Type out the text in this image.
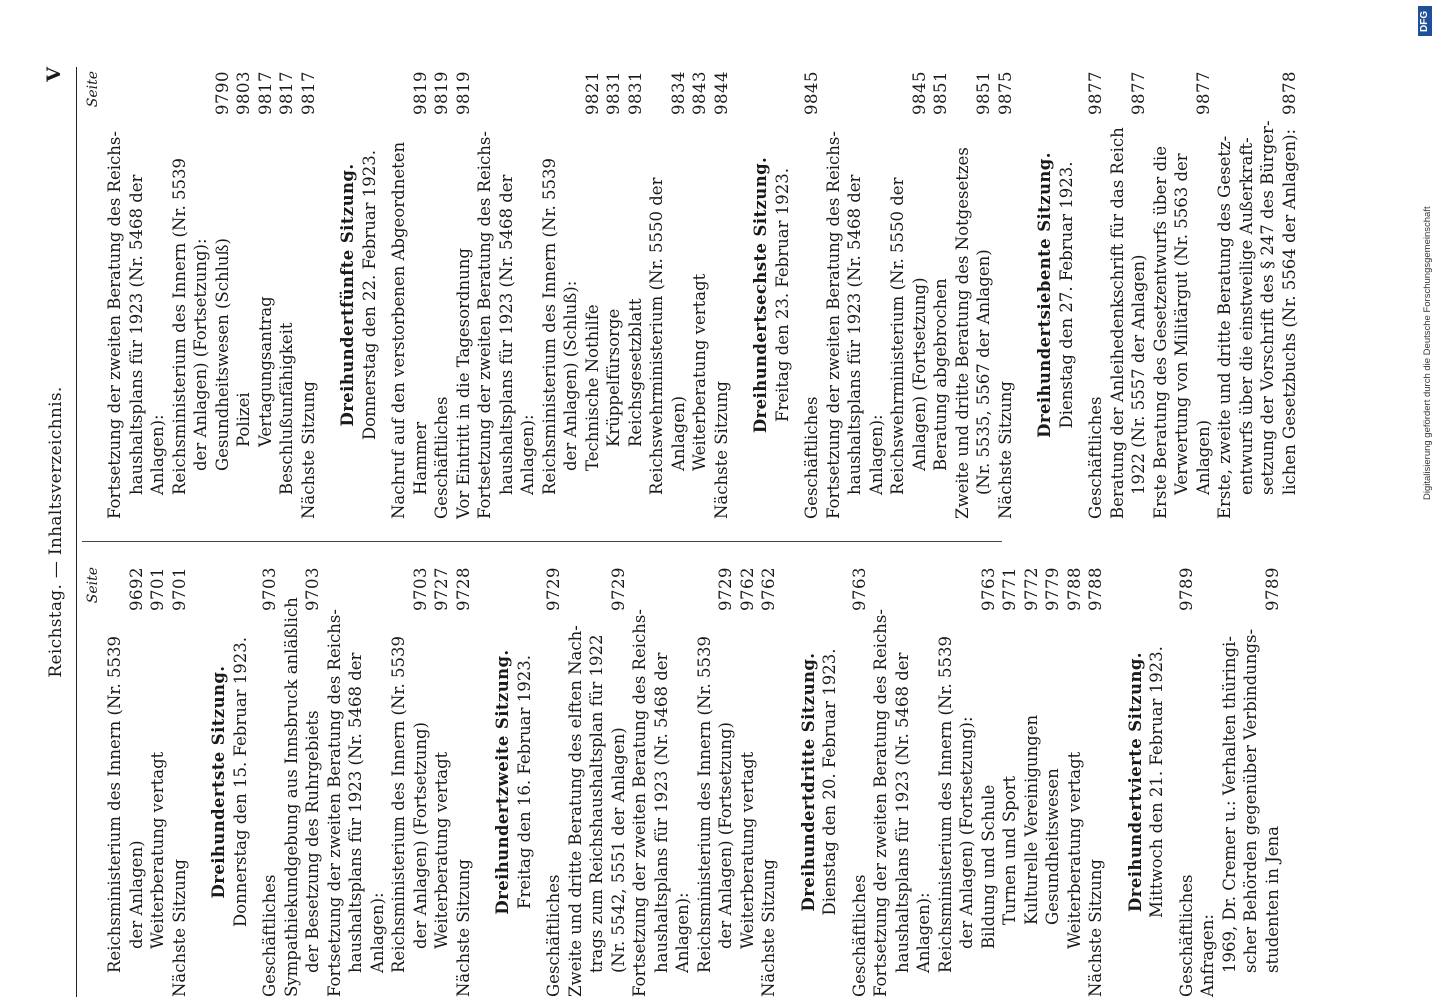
Reichstag. — Inhaltsverzeichnis.
V
Seite
Reichsministerium des Innern (Nr. 5539 der Anlagen)
9692
Weiterberatung vertagt
9701
Nächste Sitzung
9701
Dreihundertste Sitzung. Donnerstag den 15. Februar 1923.
Geschäftliches
9703
Sympathiekundgebung aus Innsbruck anläßlich der Besetzung des Ruhrgebiets
9703
Fortsetzung der zweiten Beratung des Reichs- haushaltsplans für 1923 (Nr. 5468 der Anlagen): Reichsministerium des Innern (Nr. 5539 der Anlagen) (Fortsetzung)
9703
Weiterberatung vertagt
9727
Nächste Sitzung
9728
Dreihundertzweite Sitzung. Freitag den 16. Februar 1923.
Geschäftliches
9729
Zweite und dritte Beratung des elften Nach- trags zum Reichshaushaltsplan für 1922 (Nr. 5542, 5551 der Anlagen)
9729
Fortsetzung der zweiten Beratung des Reichs- haushaltsplans für 1923 (Nr. 5468 der Anlagen): Reichsministerium des Innern (Nr. 5539 der Anlagen) (Fortsetzung)
9729
Weiterberatung vertagt
9762
Nächste Sitzung
9762
Dreihundertdritte Sitzung. Dienstag den 20. Februar 1923.
Geschäftliches
9763
Fortsetzung der zweiten Beratung des Reichs- haushaltsplans für 1923 (Nr. 5468 der Anlagen): Reichsministerium des Innern (Nr. 5539 der Anlagen) (Fortsetzung): Bildung und Schule
9763
Turnen und Sport
9771
Kulturelle Vereinigungen
9772
Gesundheitswesen
9779
Weiterberatung vertagt
9788
Nächste Sitzung
9788
Dreihundertvierte Sitzung. Mittwoch den 21. Februar 1923.
Geschäftliches
9789
Anfragen: 1969, Dr. Cremer u.: Verhalten thüringi- scher Behörden gegenüber Verbindungs- studenten in Jena
9789
Seite
Fortsetzung der zweiten Beratung des Reichs- haushaltsplans für 1923 (Nr. 5468 der Anlagen): Reichsministerium des Innern (Nr. 5539 der Anlagen) (Fortsetzung): Gesundheitswesen (Schluß)
9790
Polizei
9803
Vertagungsantrag
9817
Beschlußunfähigkeit
9817
Nächste Sitzung
9817
Dreihundertfünfte Sitzung. Donnerstag den 22. Februar 1923. Nachruf auf den verstorbenen Abgeordneten Hammer
9819
Geschäftliches
9819
Vor Eintritt in die Tagesordnung
9819
Fortsetzung der zweiten Beratung des Reichs- haushaltsplans für 1923 (Nr. 5468 der Anlagen): Reichsministerium des Innern (Nr. 5539 der Anlagen) (Schluß): Technische Nothilfe
9821
Krüppelfürsorge
9831
Reichsgesetzblatt
9831
Reichswehrministerium (Nr. 5550 der Anlagen)
9834
Weiterberatung vertagt
9843
Nächste Sitzung
9844
Dreihundertsechste Sitzung. Freitag den 23. Februar 1923.
Geschäftliches
9845
Fortsetzung der zweiten Beratung des Reichs- haushaltsplans für 1923 (Nr. 5468 der Anlagen): Reichswehrministerium (Nr. 5550 der Anlagen) (Fortsetzung)
9845
Beratung abgebrochen
9851
Zweite und dritte Beratung des Notgesetzes (Nr. 5535, 5567 der Anlagen)
9851
Nächste Sitzung
9875
Dreihundertsiebente Sitzung. Dienstag den 27. Februar 1923.
Geschäftliches
9877
Beratung der Anleihedenkschrift für das Reich 1922 (Nr. 5557 der Anlagen)
9877
Erste Beratung des Gesetzentwurfs über die Verwertung von Militärgut (Nr. 5563 der Anlagen)
9877
Erste, zweite und dritte Beratung des Gesetz- entwurfs über die einstweilige Außerkraft- setzung der Vorschrift des § 247 des Bürger- lichen Gesetzbuchs (Nr. 5564 der Anlagen):
9878
Digitalisierung gefördert durch die Deutsche Forschungsgemeinschaft
DFG
